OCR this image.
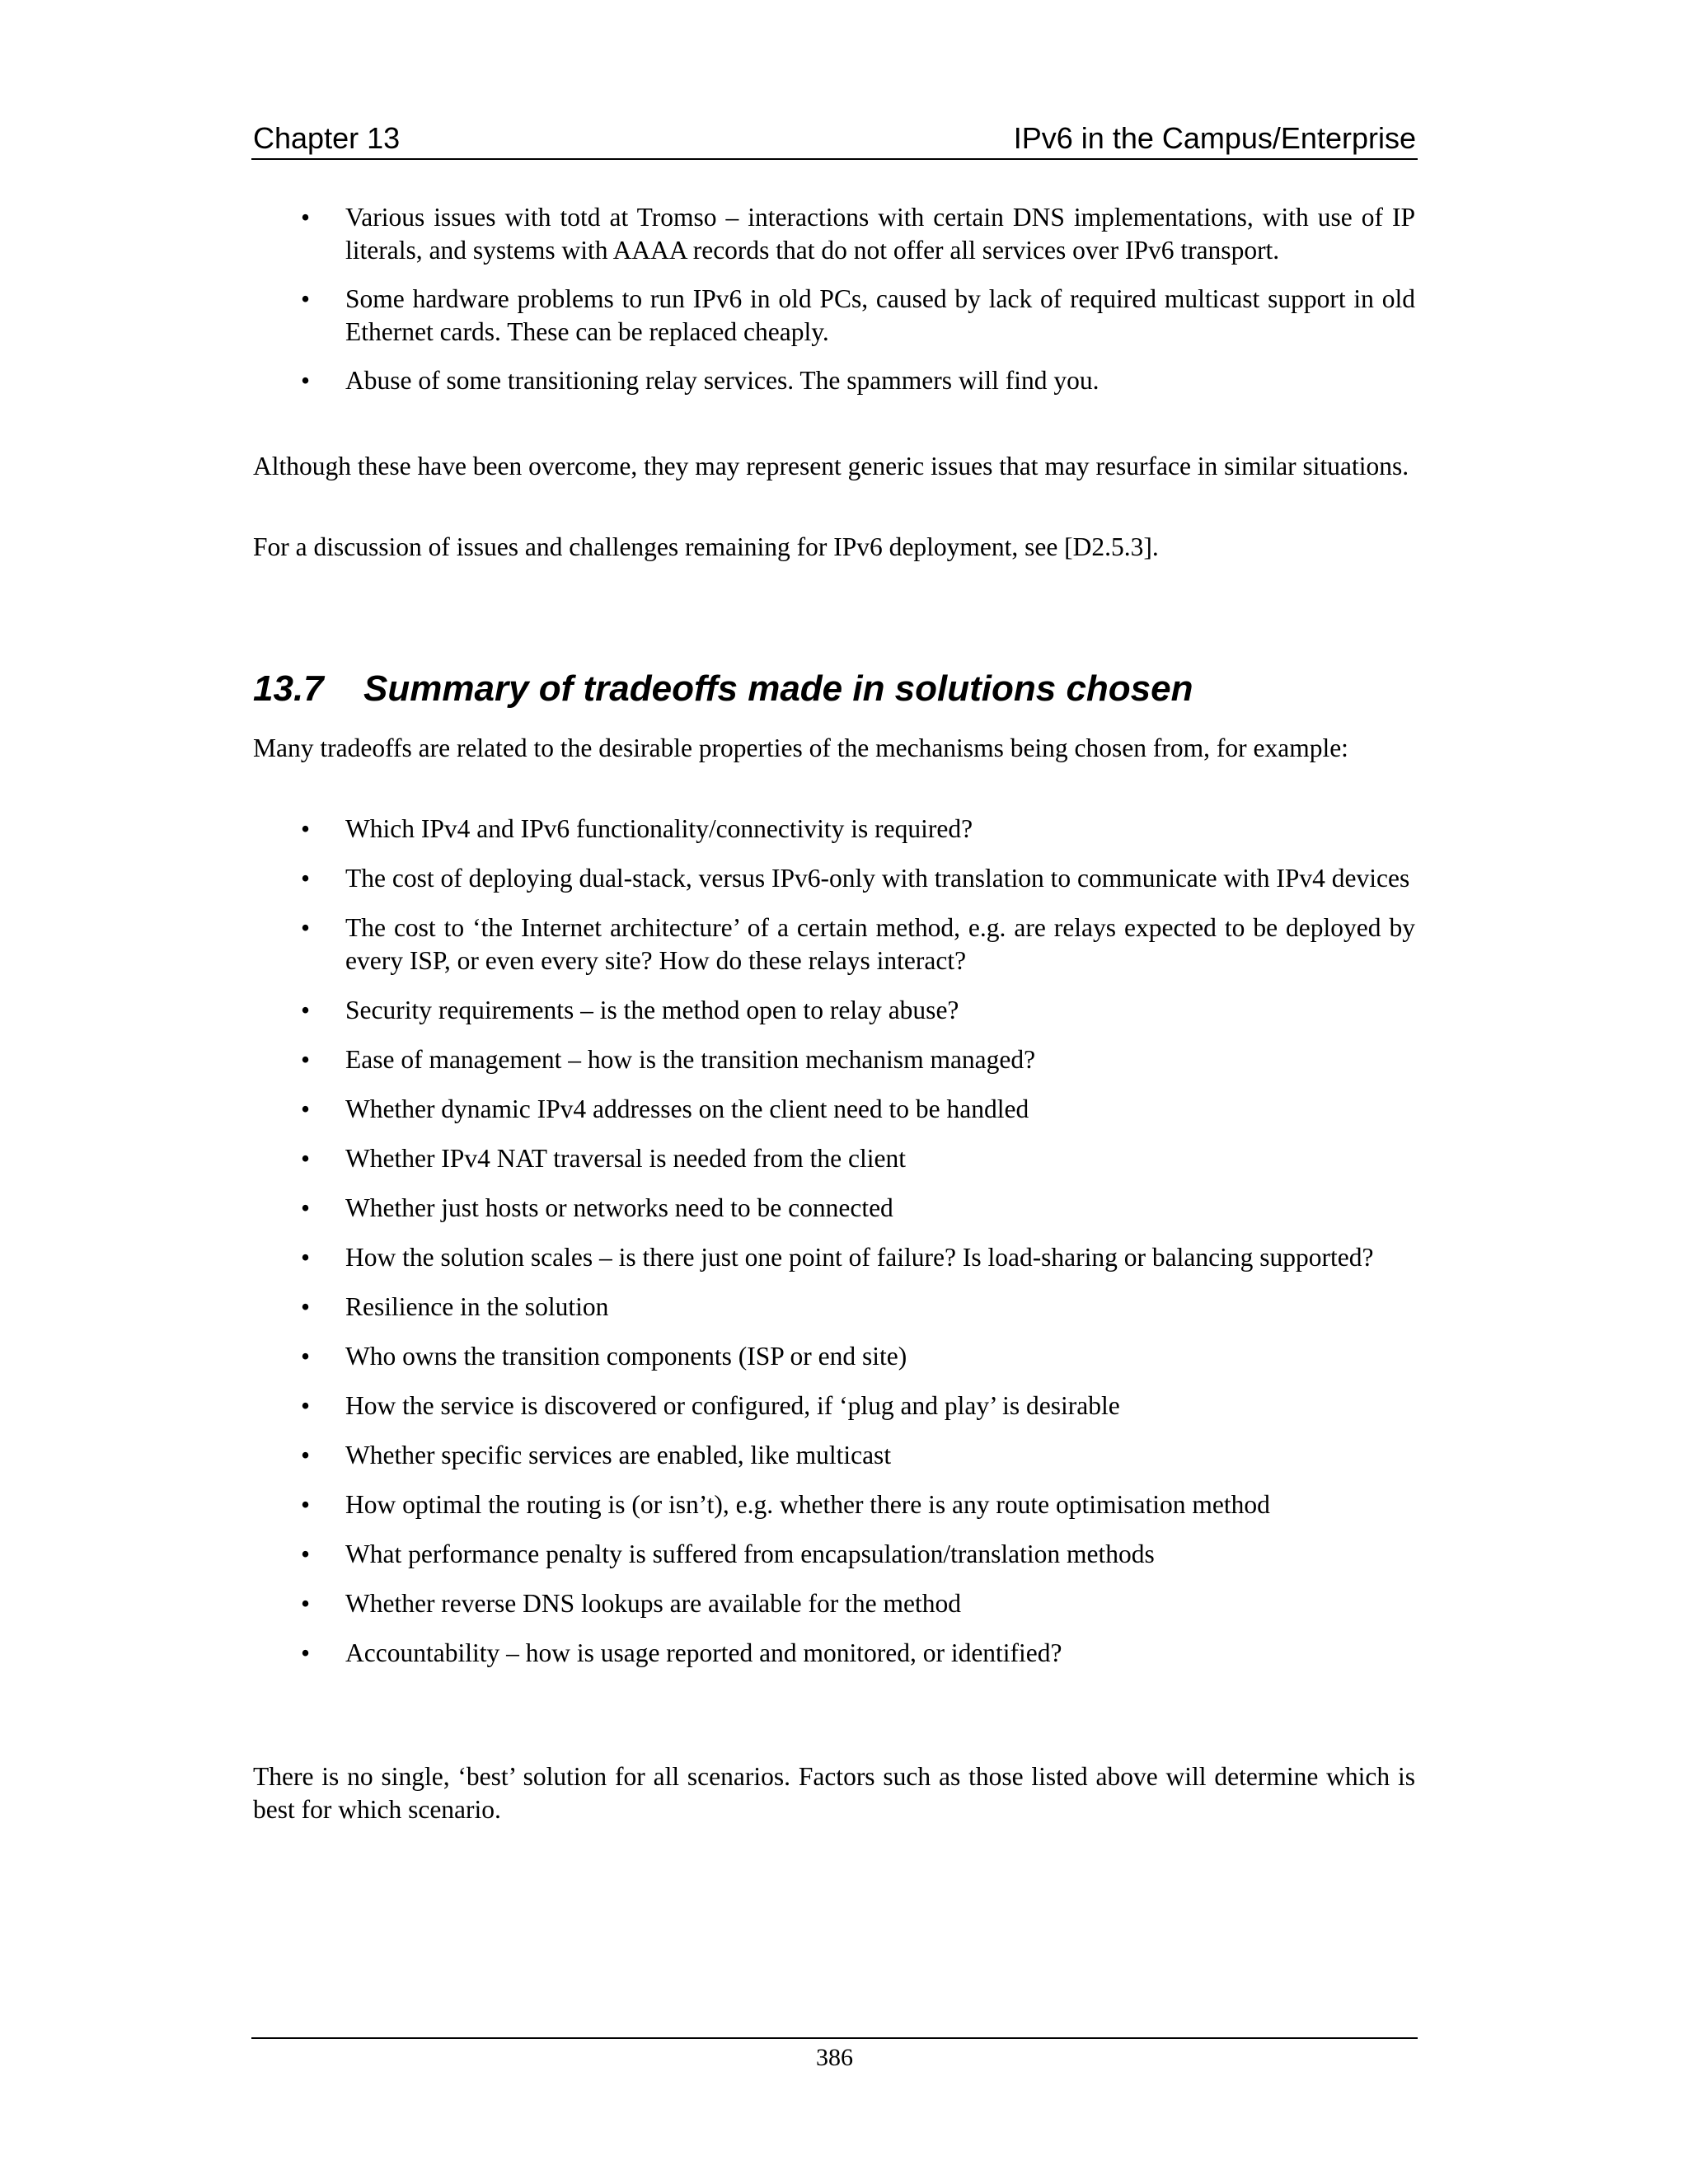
Chapter 13	IPv6 in the Campus/Enterprise
•	Various issues with totd at Tromso – interactions with certain DNS implementations, with use of IP literals, and systems with AAAA records that do not offer all services over IPv6 transport.
•	Some hardware problems to run IPv6 in old PCs, caused by lack of required multicast support in old Ethernet cards. These can be replaced cheaply.
•	Abuse of some transitioning relay services. The spammers will find you.

Although these have been overcome, they may represent generic issues that may resurface in similar situations.

For a discussion of issues and challenges remaining for IPv6 deployment, see [D2.5.3].

13.7 Summary of tradeoffs made in solutions chosen

Many tradeoffs are related to the desirable properties of the mechanisms being chosen from, for example:

•	Which IPv4 and IPv6 functionality/connectivity is required?
•	The cost of deploying dual-stack, versus IPv6-only with translation to communicate with IPv4 devices
•	The cost to ‘the Internet architecture’ of a certain method, e.g. are relays expected to be deployed by every ISP, or even every site? How do these relays interact?
•	Security requirements – is the method open to relay abuse?
•	Ease of management – how is the transition mechanism managed?
•	Whether dynamic IPv4 addresses on the client need to be handled
•	Whether IPv4 NAT traversal is needed from the client
•	Whether just hosts or networks need to be connected
•	How the solution scales – is there just one point of failure? Is load-sharing or balancing supported?
•	Resilience in the solution
•	Who owns the transition components (ISP or end site)
•	How the service is discovered or configured, if ‘plug and play’ is desirable
•	Whether specific services are enabled, like multicast
•	How optimal the routing is (or isn’t), e.g. whether there is any route optimisation method
•	What performance penalty is suffered from encapsulation/translation methods
•	Whether reverse DNS lookups are available for the method
•	Accountability – how is usage reported and monitored, or identified?

There is no single, ‘best’ solution for all scenarios. Factors such as those listed above will determine which is best for which scenario.

386
